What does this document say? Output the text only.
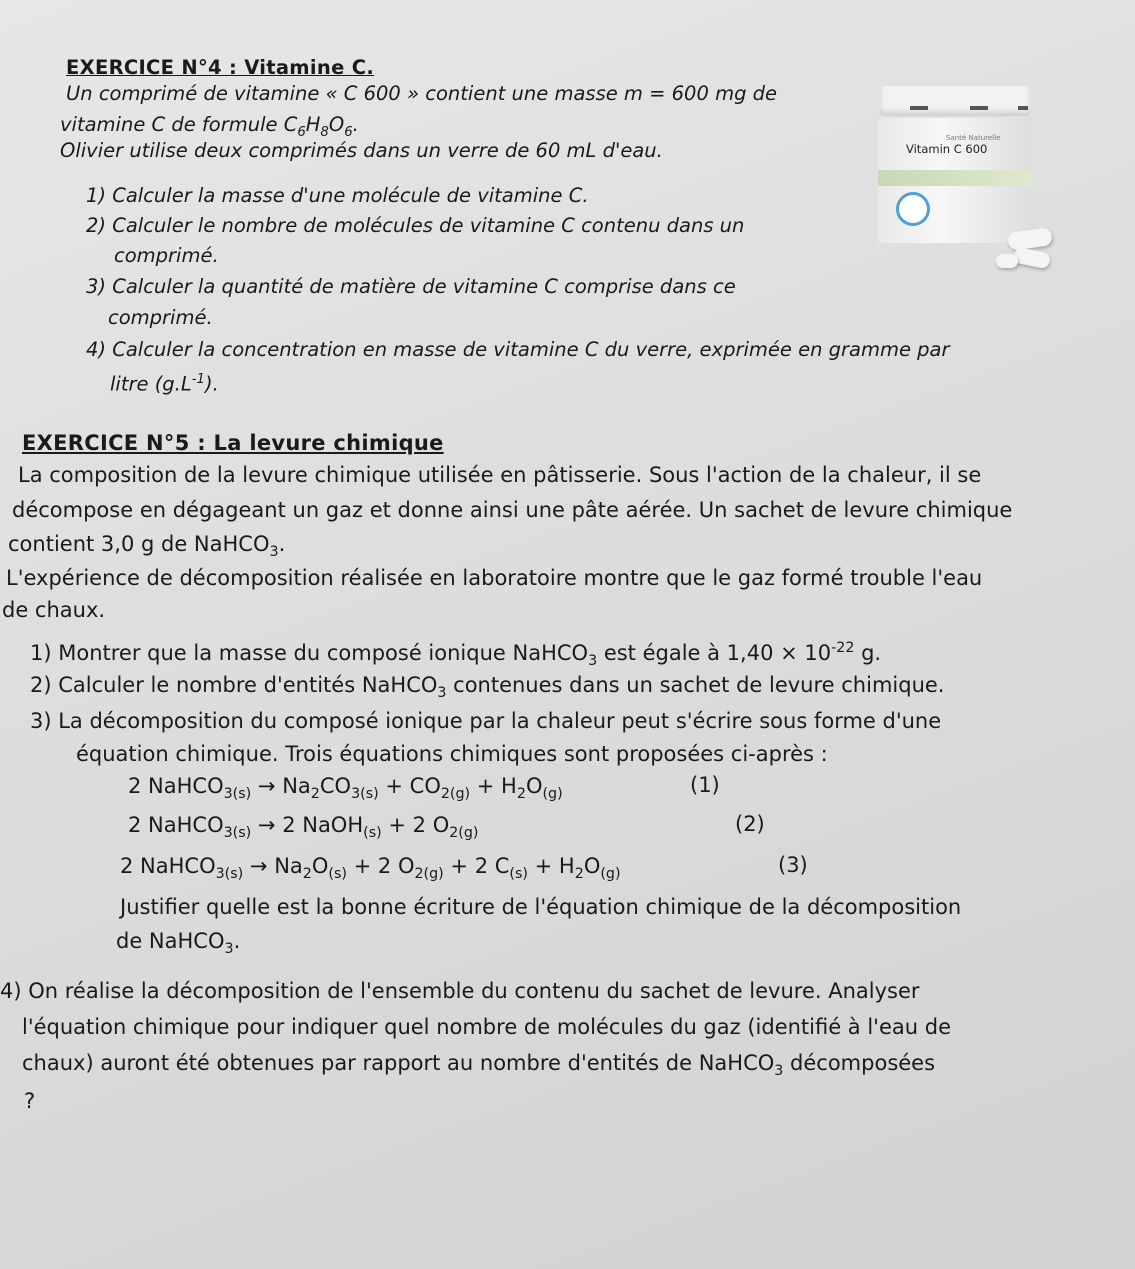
EXERCICE N°4 : Vitamine C.
Un comprimé de vitamine « C 600 » contient une masse m = 600 mg de
vitamine C de formule $C_6H_8O_6$.
Olivier utilise deux comprimés dans un verre de 60 mL d'eau.
1) Calculer la masse d'une molécule de vitamine C.
2) Calculer le nombre de molécules de vitamine C contenu dans un
comprimé.
3) Calculer la quantité de matière de vitamine C comprise dans ce
comprimé.
4) Calculer la concentration en masse de vitamine C du verre, exprimée en gramme par
litre $(g.L^{-1})$.
Santé Naturelle
Vitamin C 600
EXERCICE N°5 : La levure chimique
La composition de la levure chimique utilisée en pâtisserie. Sous l'action de la chaleur, il se
décompose en dégageant un gaz et donne ainsi une pâte aérée. Un sachet de levure chimique
contient 3,0 g de NaHCO$_3$.
L'expérience de décomposition réalisée en laboratoire montre que le gaz formé trouble l'eau
de chaux.
1) Montrer que la masse du composé ionique NaHCO$_3$ est égale à $1,40 \times 10^{-22}$ g.
2) Calculer le nombre d'entités NaHCO$_3$ contenues dans un sachet de levure chimique.
3) La décomposition du composé ionique par la chaleur peut s'écrire sous forme d'une
équation chimique. Trois équations chimiques sont proposées ci-après :
2 NaHCO$_{3(s)}$ → $Na_2CO_{3(s)} + CO_{2(g)} + H_2O_{(g)}$	(1)
2 NaHCO$_{3(s)}$ → 2 NaOH$_{(s)}$ + 2 $O_{2(g)}$	(2)
2 NaHCO$_{3(s)}$ → $Na_2O_{(s)} + 2$ $O_{2(g)} + 2$ $C_{(s)} + H_2O_{(g)}$	(3)
Justifier quelle est la bonne écriture de l'équation chimique de la décomposition
de NaHCO$_3$.
4) On réalise la décomposition de l'ensemble du contenu du sachet de levure. Analyser
l'équation chimique pour indiquer quel nombre de molécules du gaz (identifié à l'eau de
chaux) auront été obtenues par rapport au nombre d'entités de NaHCO$_3$ décomposées
?
